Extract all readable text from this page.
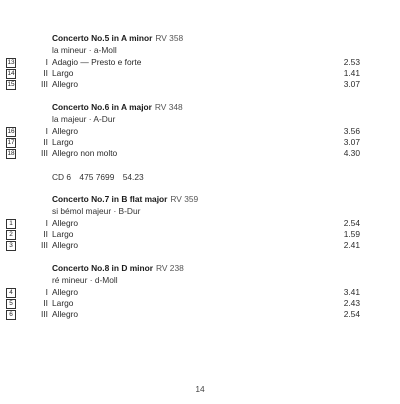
Concerto No.5 in A minor RV 358
la mineur · a-Moll
13	I Adagio — Presto e forte	2.53
14	II Largo	1.41
15	III Allegro	3.07
Concerto No.6 in A major RV 348
la majeur · A-Dur
16	I Allegro	3.56
17	II Largo	3.07
18	III Allegro non molto	4.30
CD 6 475 7699 54.23
Concerto No.7 in B flat major RV 359
si bémol majeur · B-Dur
1	I Allegro	2.54
2	II Largo	1.59
3	III Allegro	2.41
Concerto No.8 in D minor RV 238
ré mineur · d-Moll
4	I Allegro	3.41
5	II Largo	2.43
6	III Allegro	2.54
14
